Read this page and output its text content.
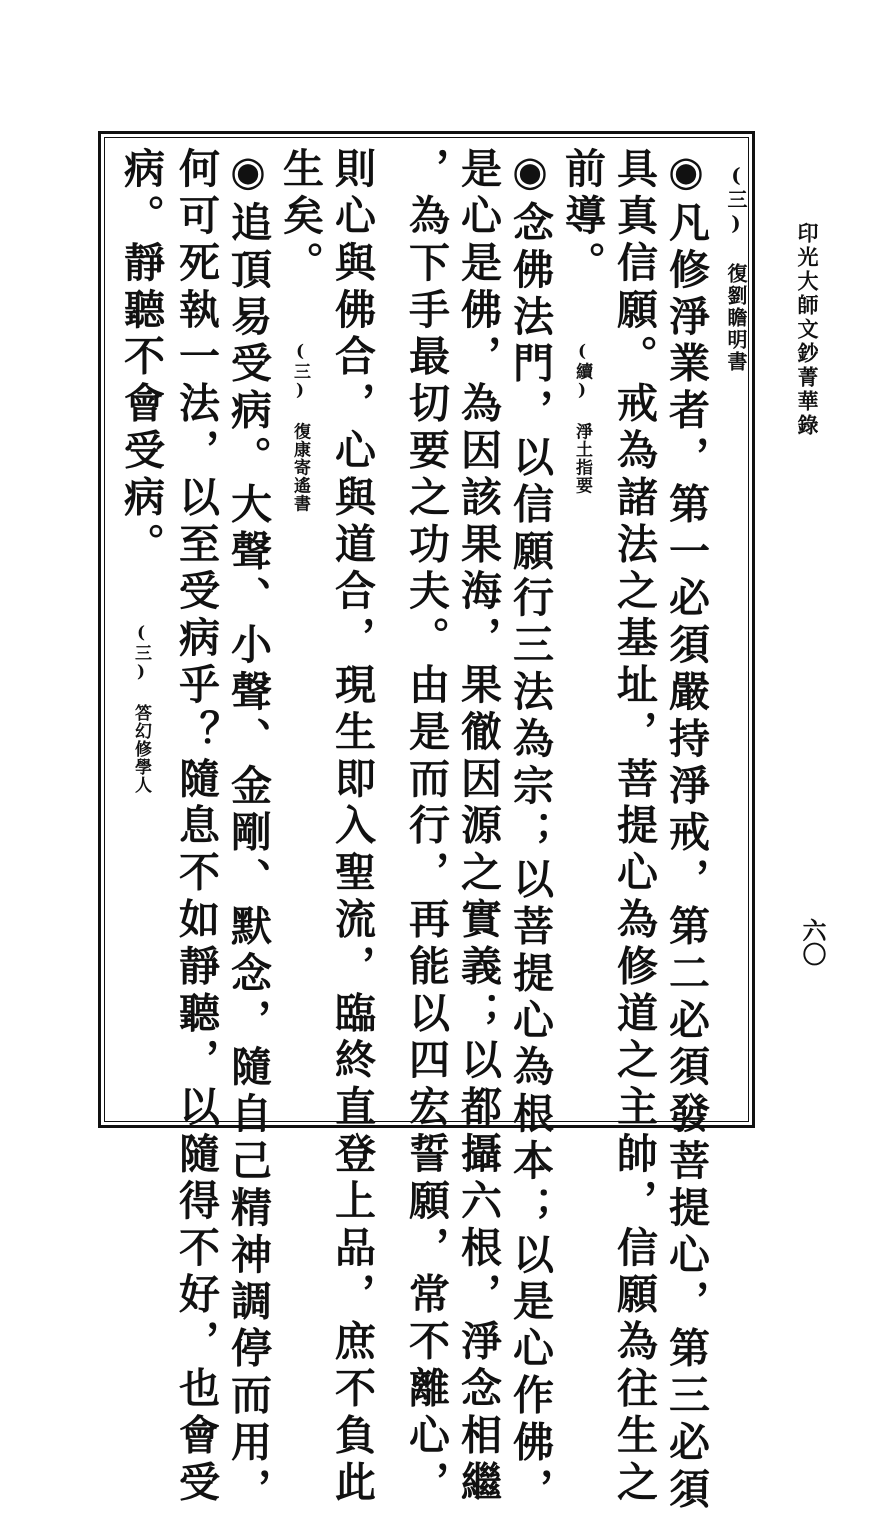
印光大師文鈔菁華錄
六〇
(三) 復劉瞻明書
◉凡修淨業者，第一必須嚴持淨戒，第二必須發菩提心，第三必須
具真信願。戒為諸法之基址，菩提心為修道之主帥，信願為往生之
前導。 (續) 淨土指要
◉念佛法門，以信願行三法為宗；以菩提心為根本；以是心作佛，
是心是佛，為因該果海，果徹因源之實義；以都攝六根，淨念相繼
，為下手最切要之功夫。由是而行，再能以四宏誓願，常不離心，
則心與佛合，心與道合，現生即入聖流，臨終直登上品，庶不負此
生矣。 (三) 復康寄遙書
◉追頂易受病。大聲、小聲、金剛、默念，隨自己精神調停而用，
何可死執一法，以至受病乎？隨息不如靜聽，以隨得不好，也會受
病。靜聽不會受病。 (三) 答幻修學人
